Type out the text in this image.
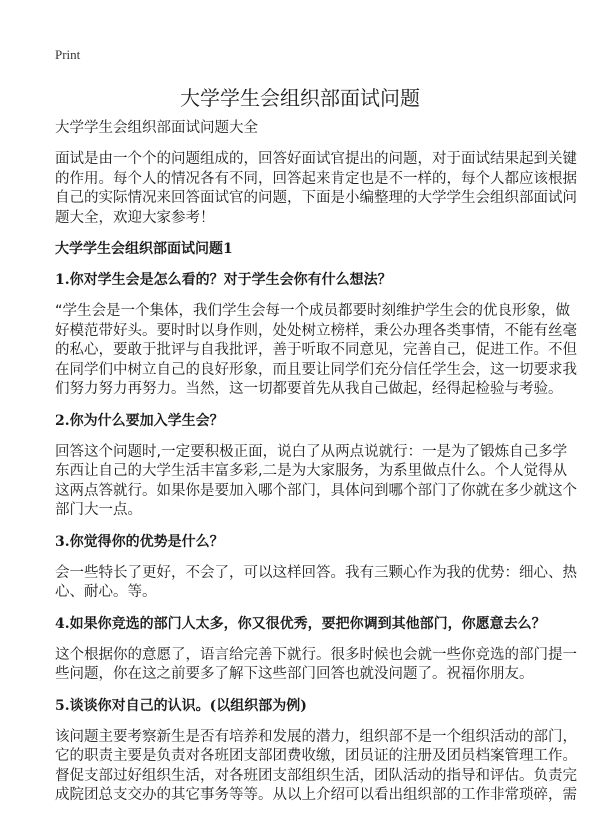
Print
大学学生会组织部面试问题

大学学生会组织部面试问题大全

面试是由一个个的问题组成的，回答好面试官提出的问题，对于面试结果起到关键
的作用。每个人的情况各有不同，回答起来肯定也是不一样的，每个人都应该根据
自己的实际情况来回答面试官的问题，下面是小编整理的大学学生会组织部面试问
题大全，欢迎大家参考！

大学学生会组织部面试问题1

1.你对学生会是怎么看的？对于学生会你有什么想法？

“学生会是一个集体，我们学生会每一个成员都要时刻维护学生会的优良形象，做
好模范带好头。要时时以身作则，处处树立榜样，秉公办理各类事情，不能有丝毫
的私心，要敢于批评与自我批评，善于听取不同意见，完善自己，促进工作。不但
在同学们中树立自己的良好形象，而且要让同学们充分信任学生会，这一切要求我
们努力努力再努力。当然，这一切都要首先从我自己做起，经得起检验与考验。

2.你为什么要加入学生会？

回答这个问题时,一定要积极正面，说白了从两点说就行：一是为了锻炼自己多学
东西让自己的大学生活丰富多彩,二是为大家服务，为系里做点什么。个人觉得从
这两点答就行。如果你是要加入哪个部门，具体问到哪个部门了你就在多少就这个
部门大一点。

3.你觉得你的优势是什么？

会一些特长了更好，不会了，可以这样回答。我有三颗心作为我的优势：细心、热
心、耐心。等。

4.如果你竞选的部门人太多，你又很优秀，要把你调到其他部门，你愿意去么？

这个根据你的意愿了，语言给完善下就行。很多时候也会就一些你竞选的部门提一
些问题，你在这之前要多了解下这些部门回答也就没问题了。祝福你朋友。

5.谈谈你对自己的认识。(以组织部为例)

该问题主要考察新生是否有培养和发展的潜力，组织部不是一个组织活动的部门，
它的职责主要是负责对各班团支部团费收缴，团员证的注册及团员档案管理工作。
督促支部过好组织生活，对各班团支部组织生活，团队活动的指导和评估。负责完
成院团总支交办的其它事务等等。从以上介绍可以看出组织部的工作非常琐碎，需
